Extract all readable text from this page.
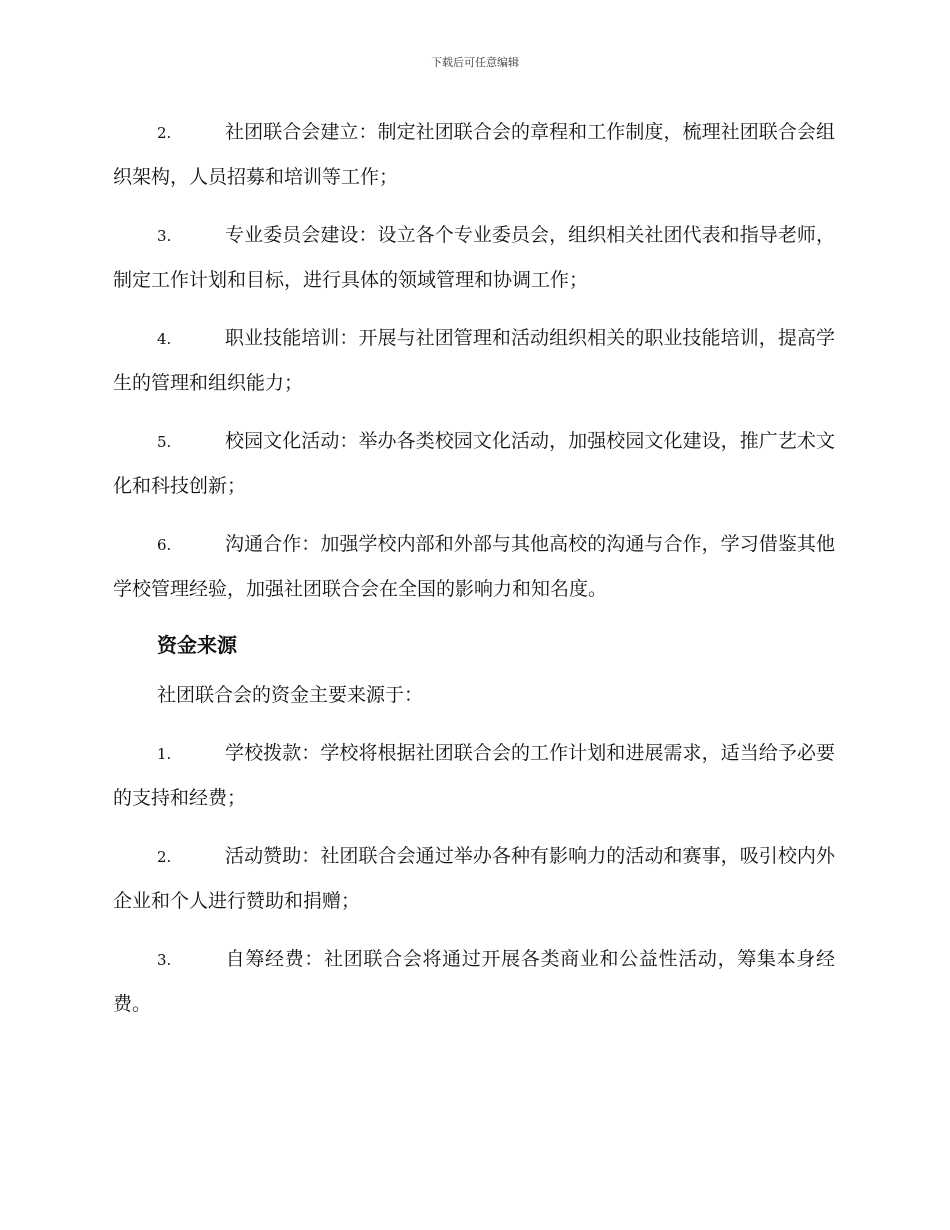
下载后可任意编辑
2.	社团联合会建立：制定社团联合会的章程和工作制度，梳理社团联合会组织架构，人员招募和培训等工作；
3.	专业委员会建设：设立各个专业委员会，组织相关社团代表和指导老师，制定工作计划和目标，进行具体的领域管理和协调工作；
4.	职业技能培训：开展与社团管理和活动组织相关的职业技能培训，提高学生的管理和组织能力；
5.	校园文化活动：举办各类校园文化活动，加强校园文化建设，推广艺术文化和科技创新；
6.	沟通合作：加强学校内部和外部与其他高校的沟通与合作，学习借鉴其他学校管理经验，加强社团联合会在全国的影响力和知名度。
资金来源
社团联合会的资金主要来源于：
1.	学校拨款：学校将根据社团联合会的工作计划和进展需求，适当给予必要的支持和经费；
2.	活动赞助：社团联合会通过举办各种有影响力的活动和赛事，吸引校内外企业和个人进行赞助和捐赠；
3.	自筹经费：社团联合会将通过开展各类商业和公益性活动，筹集本身经费。
